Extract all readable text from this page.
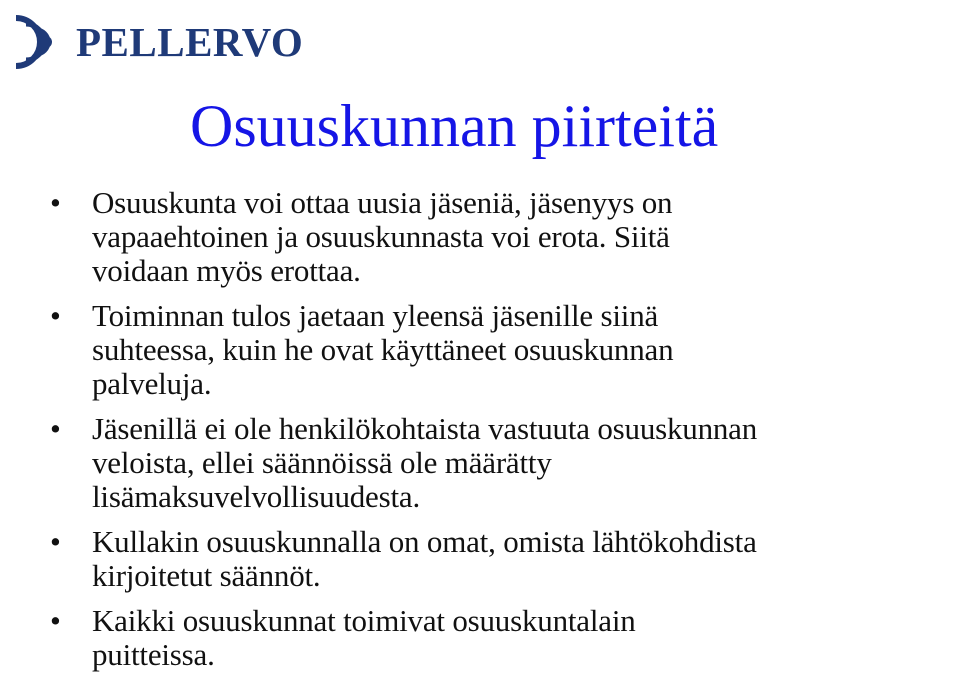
PELLERVO
Osuuskunnan piirteitä
• Osuuskunta voi ottaa uusia jäseniä, jäsenyys on
vapaaehtoinen ja osuuskunnasta voi erota. Siitä
voidaan myös erottaa.
• Toiminnan tulos jaetaan yleensä jäsenille siinä
suhteessa, kuin he ovat käyttäneet osuuskunnan
palveluja.
• Jäsenillä ei ole henkilökohtaista vastuuta osuuskunnan
veloista, ellei säännöissä ole määrätty
lisämaksuvelvollisuudesta.
• Kullakin osuuskunnalla on omat, omista lähtökohdista
kirjoitetut säännöt.
• Kaikki osuuskunnat toimivat osuuskuntalain
puitteissa.
